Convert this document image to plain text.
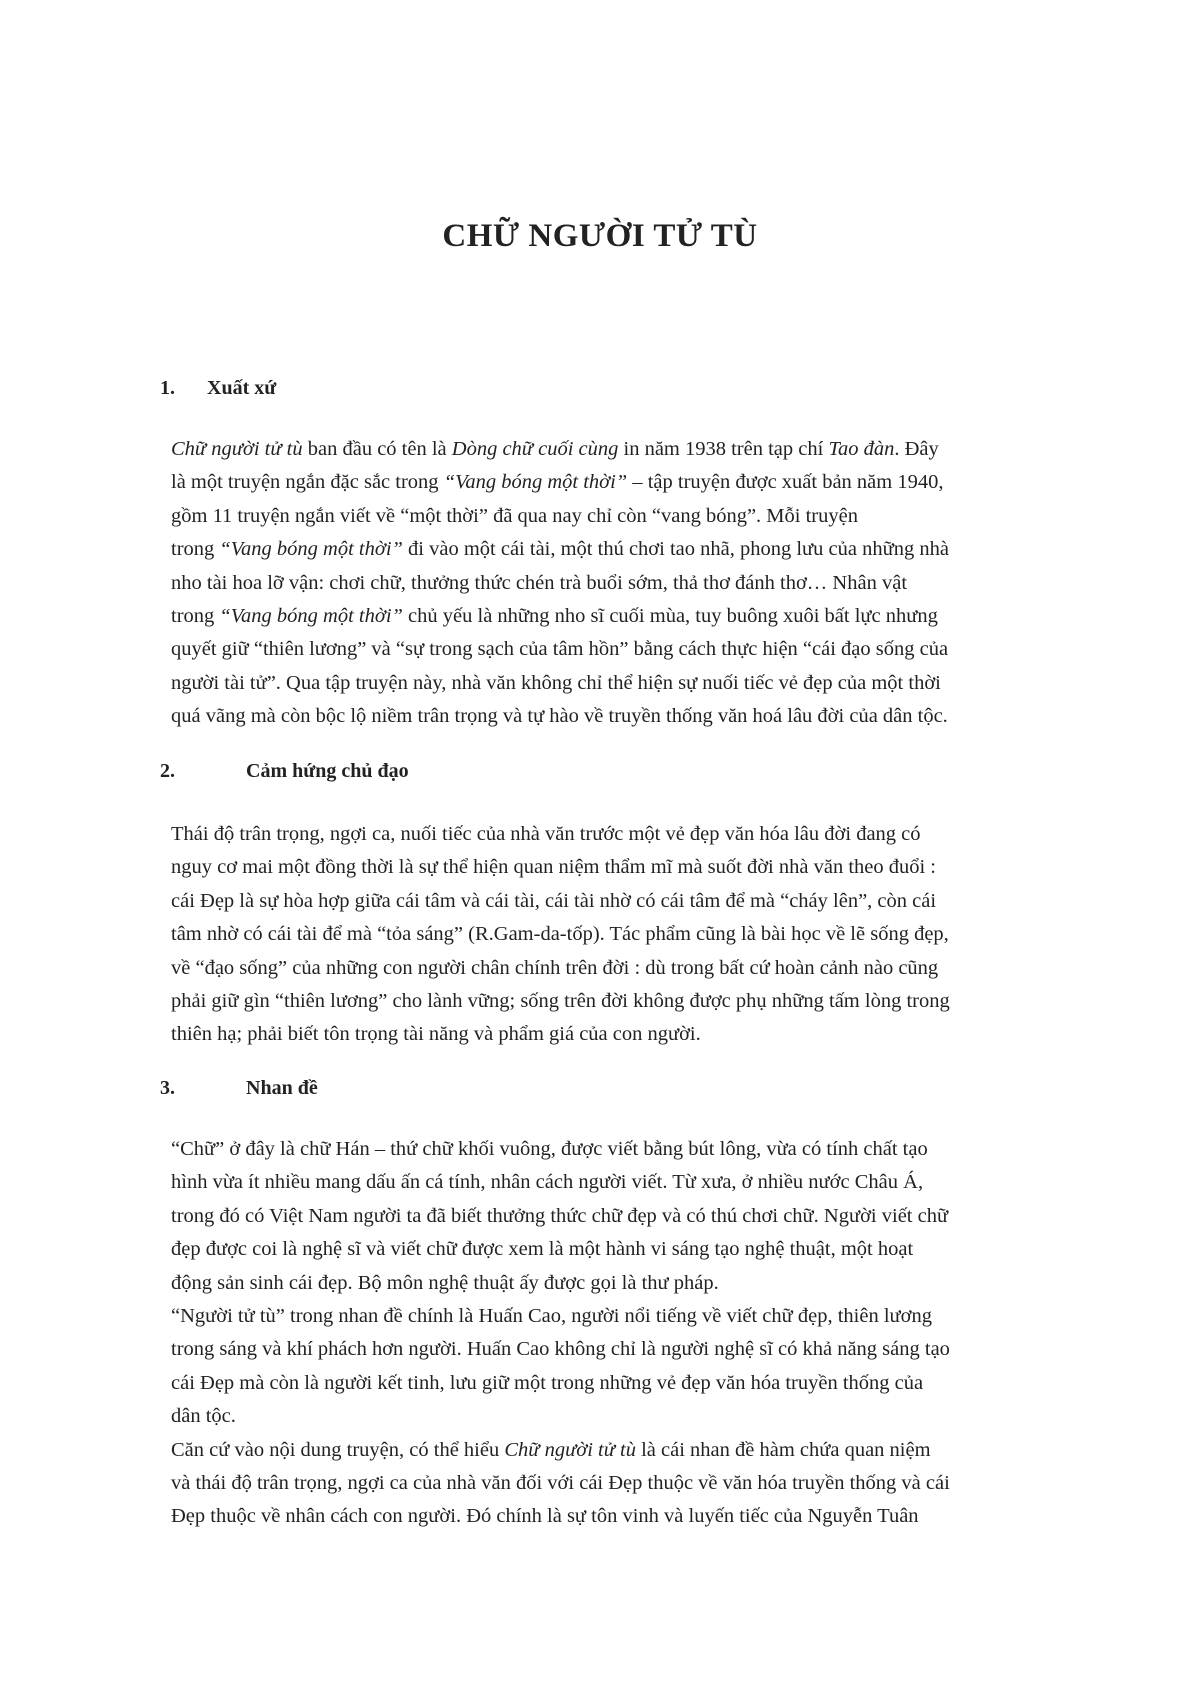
CHỮ NGƯỜI TỬ TÙ
1. Xuất xứ
Chữ người tử tù ban đầu có tên là Dòng chữ cuối cùng in năm 1938 trên tạp chí Tao đàn. Đây
là một truyện ngắn đặc sắc trong “Vang bóng một thời” – tập truyện được xuất bản năm 1940,
gồm 11 truyện ngắn viết về “một thời” đã qua nay chỉ còn “vang bóng”. Mỗi truyện
trong “Vang bóng một thời” đi vào một cái tài, một thú chơi tao nhã, phong lưu của những nhà
nho tài hoa lỡ vận: chơi chữ, thưởng thức chén trà buổi sớm, thả thơ đánh thơ… Nhân vật
trong “Vang bóng một thời” chủ yếu là những nho sĩ cuối mùa, tuy buông xuôi bất lực nhưng
quyết giữ “thiên lương” và “sự trong sạch của tâm hồn” bằng cách thực hiện “cái đạo sống của
người tài tử”. Qua tập truyện này, nhà văn không chỉ thể hiện sự nuối tiếc vẻ đẹp của một thời
quá vãng mà còn bộc lộ niềm trân trọng và tự hào về truyền thống văn hoá lâu đời của dân tộc.
2.	Cảm hứng chủ đạo
Thái độ trân trọng, ngợi ca, nuối tiếc của nhà văn trước một vẻ đẹp văn hóa lâu đời đang có
nguy cơ mai một đồng thời là sự thể hiện quan niệm thẩm mĩ mà suốt đời nhà văn theo đuổi :
cái Đẹp là sự hòa hợp giữa cái tâm và cái tài, cái tài nhờ có cái tâm để mà “cháy lên”, còn cái
tâm nhờ có cái tài để mà “tỏa sáng” (R.Gam-da-tốp). Tác phẩm cũng là bài học về lẽ sống đẹp,
về “đạo sống” của những con người chân chính trên đời : dù trong bất cứ hoàn cảnh nào cũng
phải giữ gìn “thiên lương” cho lành vững; sống trên đời không được phụ những tấm lòng trong
thiên hạ; phải biết tôn trọng tài năng và phẩm giá của con người.
3.	Nhan đề
“Chữ” ở đây là chữ Hán – thứ chữ khối vuông, được viết bằng bút lông, vừa có tính chất tạo
hình vừa ít nhiều mang dấu ấn cá tính, nhân cách người viết. Từ xưa, ở nhiều nước Châu Á,
trong đó có Việt Nam người ta đã biết thưởng thức chữ đẹp và có thú chơi chữ. Người viết chữ
đẹp được coi là nghệ sĩ và viết chữ được xem là một hành vi sáng tạo nghệ thuật, một hoạt
động sản sinh cái đẹp. Bộ môn nghệ thuật ấy được gọi là thư pháp.
“Người tử tù” trong nhan đề chính là Huấn Cao, người nổi tiếng về viết chữ đẹp, thiên lương
trong sáng và khí phách hơn người. Huấn Cao không chỉ là người nghệ sĩ có khả năng sáng tạo
cái Đẹp mà còn là người kết tinh, lưu giữ một trong những vẻ đẹp văn hóa truyền thống của
dân tộc.
Căn cứ vào nội dung truyện, có thể hiểu Chữ người tử tù là cái nhan đề hàm chứa quan niệm
và thái độ trân trọng, ngợi ca của nhà văn đối với cái Đẹp thuộc về văn hóa truyền thống và cái
Đẹp thuộc về nhân cách con người. Đó chính là sự tôn vinh và luyến tiếc của Nguyễn Tuân
